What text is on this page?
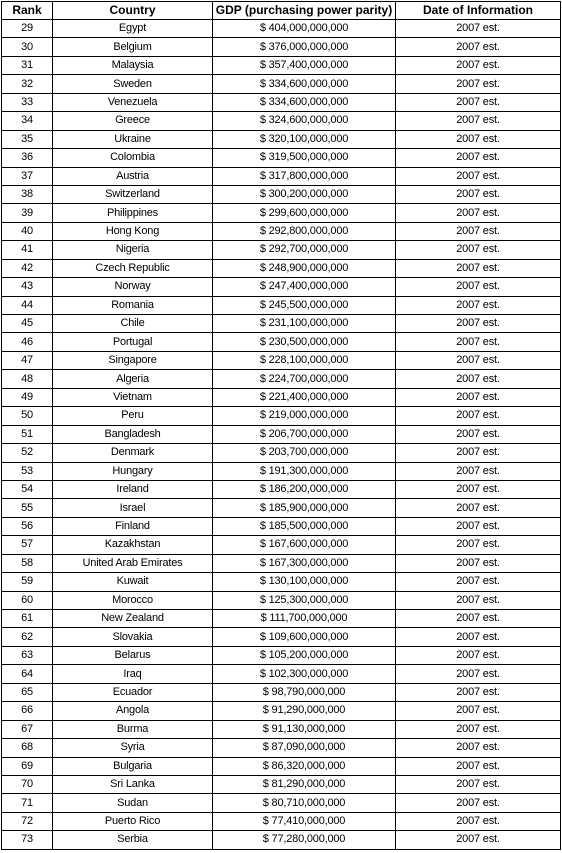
Rank	Country	GDP (purchasing power parity)	Date of Information
29	Egypt	$ 404,000,000,000	2007 est.
30	Belgium	$ 376,000,000,000	2007 est.
31	Malaysia	$ 357,400,000,000	2007 est.
32	Sweden	$ 334,600,000,000	2007 est.
33	Venezuela	$ 334,600,000,000	2007 est.
34	Greece	$ 324,600,000,000	2007 est.
35	Ukraine	$ 320,100,000,000	2007 est.
36	Colombia	$ 319,500,000,000	2007 est.
37	Austria	$ 317,800,000,000	2007 est.
38	Switzerland	$ 300,200,000,000	2007 est.
39	Philippines	$ 299,600,000,000	2007 est.
40	Hong Kong	$ 292,800,000,000	2007 est.
41	Nigeria	$ 292,700,000,000	2007 est.
42	Czech Republic	$ 248,900,000,000	2007 est.
43	Norway	$ 247,400,000,000	2007 est.
44	Romania	$ 245,500,000,000	2007 est.
45	Chile	$ 231,100,000,000	2007 est.
46	Portugal	$ 230,500,000,000	2007 est.
47	Singapore	$ 228,100,000,000	2007 est.
48	Algeria	$ 224,700,000,000	2007 est.
49	Vietnam	$ 221,400,000,000	2007 est.
50	Peru	$ 219,000,000,000	2007 est.
51	Bangladesh	$ 206,700,000,000	2007 est.
52	Denmark	$ 203,700,000,000	2007 est.
53	Hungary	$ 191,300,000,000	2007 est.
54	Ireland	$ 186,200,000,000	2007 est.
55	Israel	$ 185,900,000,000	2007 est.
56	Finland	$ 185,500,000,000	2007 est.
57	Kazakhstan	$ 167,600,000,000	2007 est.
58	United Arab Emirates	$ 167,300,000,000	2007 est.
59	Kuwait	$ 130,100,000,000	2007 est.
60	Morocco	$ 125,300,000,000	2007 est.
61	New Zealand	$ 111,700,000,000	2007 est.
62	Slovakia	$ 109,600,000,000	2007 est.
63	Belarus	$ 105,200,000,000	2007 est.
64	Iraq	$ 102,300,000,000	2007 est.
65	Ecuador	$ 98,790,000,000	2007 est.
66	Angola	$ 91,290,000,000	2007 est.
67	Burma	$ 91,130,000,000	2007 est.
68	Syria	$ 87,090,000,000	2007 est.
69	Bulgaria	$ 86,320,000,000	2007 est.
70	Sri Lanka	$ 81,290,000,000	2007 est.
71	Sudan	$ 80,710,000,000	2007 est.
72	Puerto Rico	$ 77,410,000,000	2007 est.
73	Serbia	$ 77,280,000,000	2007 est.
